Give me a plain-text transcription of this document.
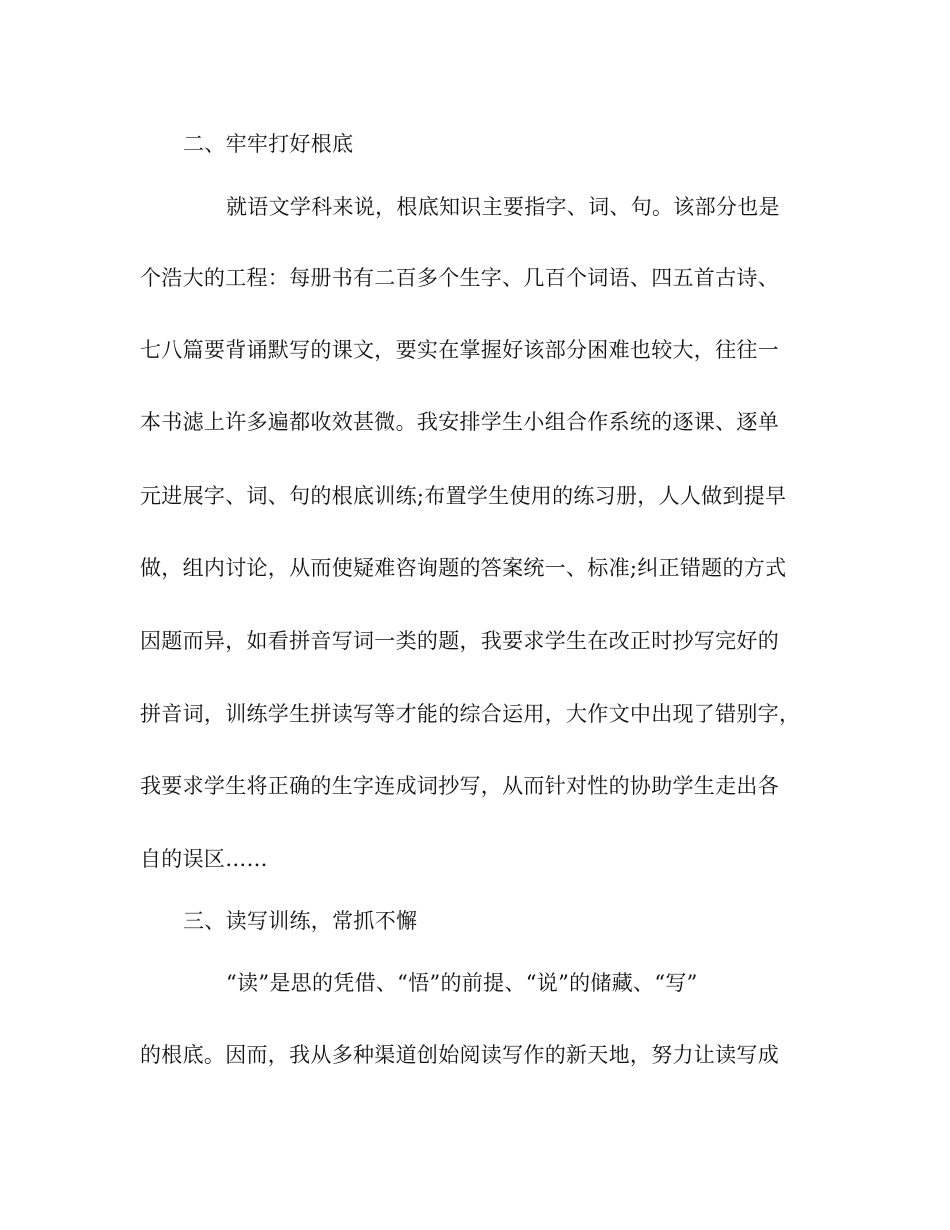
二、牢牢打好根底
就语文学科来说，根底知识主要指字、词、句。该部分也是
个浩大的工程：每册书有二百多个生字、几百个词语、四五首古诗、
七八篇要背诵默写的课文，要实在掌握好该部分困难也较大，往往一
本书滤上许多遍都收效甚微。我安排学生小组合作系统的逐课、逐单
元进展字、词、句的根底训练;布置学生使用的练习册，人人做到提早
做，组内讨论，从而使疑难咨询题的答案统一、标准;纠正错题的方式
因题而异，如看拼音写词一类的题，我要求学生在改正时抄写完好的
拼音词，训练学生拼读写等才能的综合运用，大作文中出现了错别字，
我要求学生将正确的生字连成词抄写，从而针对性的协助学生走出各
自的误区……
三、读写训练，常抓不懈
“读”是思的凭借、“悟”的前提、“说”的储藏、“写”
的根底。因而，我从多种渠道创始阅读写作的新天地，努力让读写成
